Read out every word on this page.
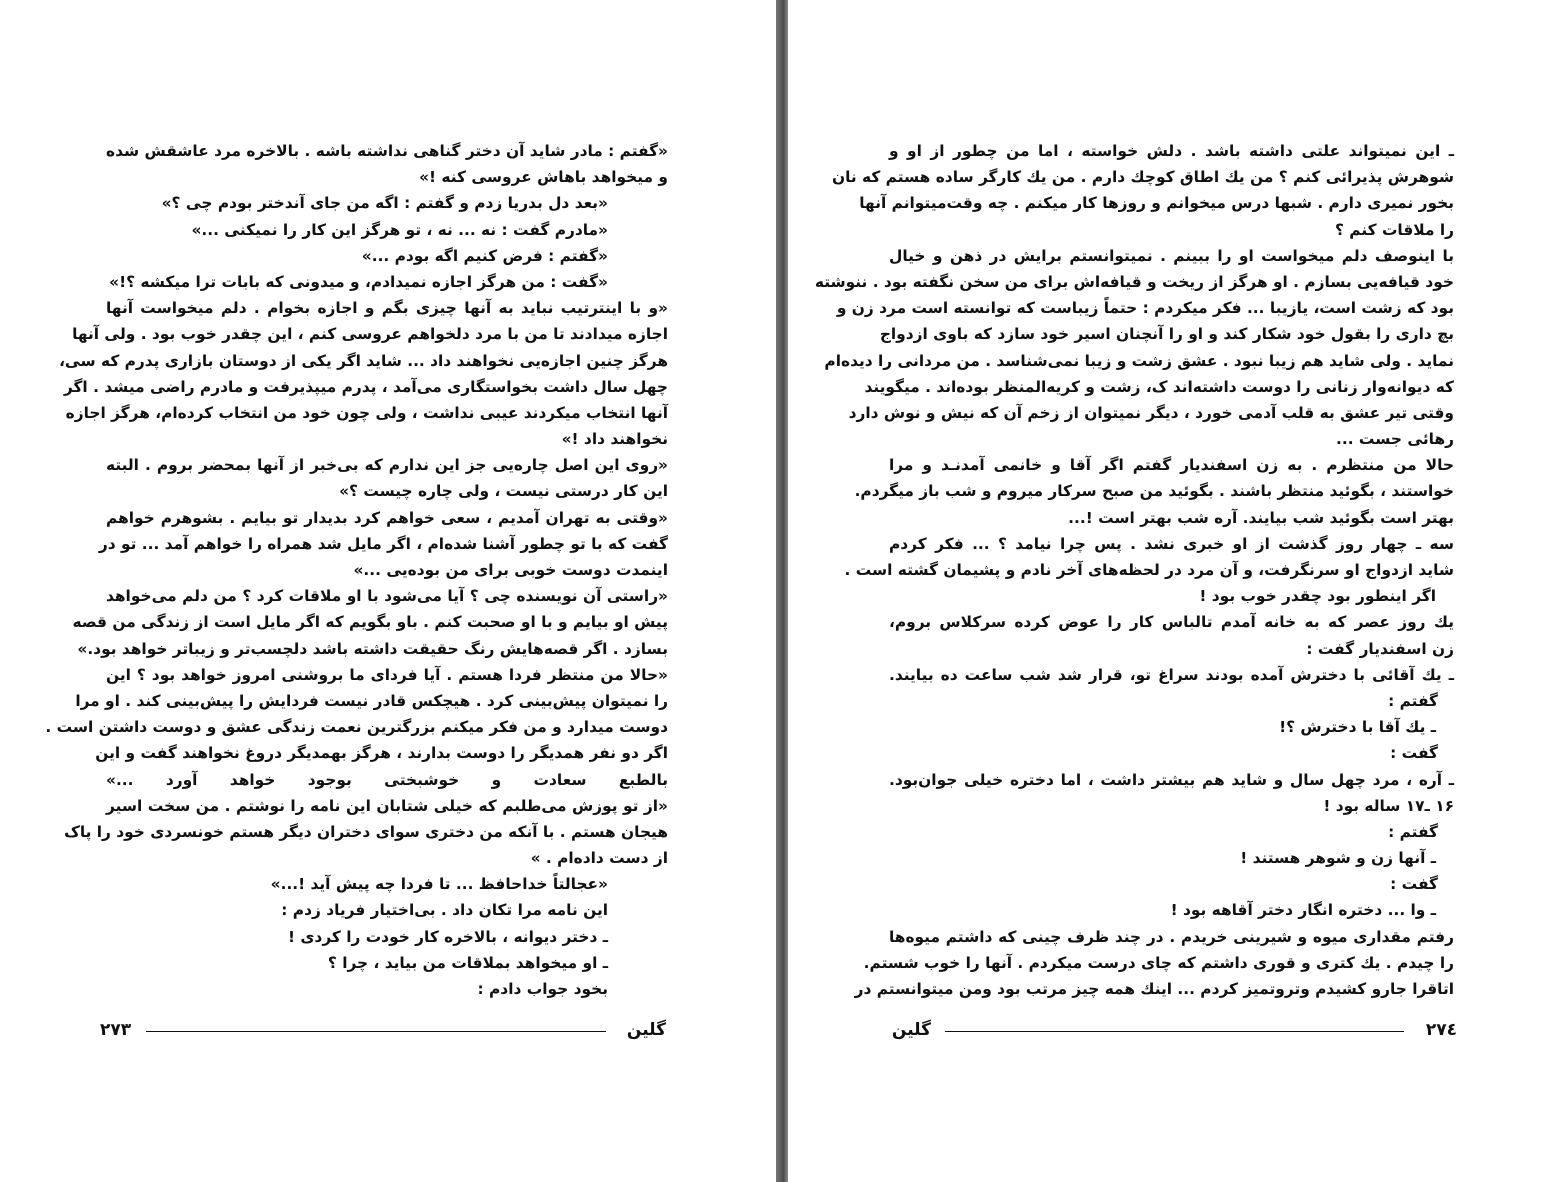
«گفتم : مادر شاید آن دختر گناهی نداشته باشه . بالاخره مرد عاشقش شده
و میخواهد باهاش عروسی کنه !»
«بعد دل بدریا زدم و گفتم : اگه من جای آندختر بودم چی ؟»
«مادرم گفت : نه ... نه ، تو هرگز این کار را نمیکنی ...»
«گفتم : فرض کنیم اگه بودم ...»
«گفت : من هرگز اجازه نمیدادم، و میدونی که بابات ترا میکشه ؟!»
«و با اینترتیب نباید به آنها چیزی بگم و اجازه بخوام . دلم میخواست آنها
اجازه میدادند تا من با مرد دلخواهم عروسی کنم ، این چقدر خوب بود . ولی آنها
هرگز چنین اجازه‌یی نخواهند داد ... شاید اگر یکی از دوستان بازاری پدرم که سی،
چهل سال داشت بخواستگاری می‌آمد ، پدرم میپذیرفت و مادرم راضی میشد . اگر
آنها انتخاب میکردند عیبی نداشت ، ولی چون خود من انتخاب کرده‌ام، هرگز اجازه
نخواهند داد !»
«روی این اصل چاره‌یی جز این ندارم که بی‌خبر از آنها بمحضر بروم . البته
این کار درستی نیست ، ولی چاره چیست ؟»
«وقتی به تهران آمدیم ، سعی خواهم کرد بدیدار تو بیایم . بشوهرم خواهم
گفت که با تو چطور آشنا شده‌ام ، اگر مایل شد همراه را خواهم آمد ... تو در
اینمدت دوست خوبی برای من بوده‌یی ...»
«راستی آن نویسنده چی ؟ آیا می‌شود با او ملاقات کرد ؟ من دلم می‌خواهد
پیش او بیایم و با او صحبت کنم . باو بگویم که اگر مایل است از زندگی من قصه
بسازد . اگر قصه‌هایش رنگ حقیقت داشته باشد دلچسب‌تر و زیباتر خواهد بود.»
«حالا من منتظر فردا هستم . آیا فردای ما بروشنی امروز خواهد بود ؟ این
را نمیتوان پیش‌بینی کرد . هیچکس قادر نیست فردایش را پیش‌بینی کند . او مرا
دوست میدارد و من فکر میکنم بزرگترین نعمت زندگی عشق و دوست داشتن است .
اگر دو نفر همدیگر را دوست بدارند ، هرگز بهمدیگر دروغ نخواهند گفت و این
بالطبع سعادت و خوشبختی بوجود خواهد آورد ...»
«از تو پوزش می‌طلبم که خیلی شتابان این نامه را نوشتم . من سخت اسیر
هیجان هستم . با آنکه من دختری سوای دختران دیگر هستم خونسردی خود را پاک
از دست داده‌ام . »
«عجالتاً خداحافظ ... تا فردا چه پیش آید !...»
این نامه مرا تکان داد . بی‌اختیار فریاد زدم :
ـ دختر دیوانه ، بالاخره کار خودت را کردی !
ـ او میخواهد بملاقات من بیاید ، چرا ؟
بخود جواب دادم :
گلین
۲۷۳
ـ این نمیتواند علتی داشته باشد . دلش خواسته ، اما من چطور از او و
شوهرش پذیرائی کنم ؟ من یك اطاق کوچك دارم . من یك کارگر ساده هستم که نان
بخور نمیری دارم . شبها درس میخوانم و روزها کار میکنم . چه وقت‌میتوانم آنها
را ملاقات کنم ؟
با اینوصف دلم میخواست او را ببینم . نمیتوانستم برایش در ذهن و خیال
خود قیافه‌یی بسازم . او هرگز از ریخت و قیافه‌اش برای من سخن نگفته بود . ننوشته
بود که زشت است، یازیبا ... فکر میکردم : حتماً زیباست که توانسته است مرد زن و
بچ داری را بقول خود شکار کند و او را آنچنان اسیر خود سازد که باوی ازدواج
نماید . ولی شاید هم زیبا نبود . عشق زشت و زیبا نمی‌شناسد . من مردانی را دیده‌ام
که دیوانه‌وار زنانی را دوست داشته‌اند ک، زشت و کریه‌المنظر بوده‌اند . میگویند
وقتی تیر عشق به قلب آدمی خورد ، دیگر نمیتوان از زخم آن که نیش و نوش دارد
رهائی جست ...
حالا من منتظرم . به زن اسفندیار گفتم اگر آقا و خانمی آمدنـد و مرا
خواستند ، بگوئید منتظر باشند . بگوئید من صبح سرکار میروم و شب باز میگردم.
بهتر است بگوئید شب بیایند. آره شب بهتر است !...
سه ـ چهار روز گذشت از او خبری نشد . پس چرا نیامد ؟ ... فکر کردم
شاید ازدواج او سرنگرفت، و آن مرد در لحظه‌های آخر نادم و پشیمان گشته است .
اگر اینطور بود چقدر خوب بود !
یك روز عصر که به خانه آمدم تالباس کار را عوض کرده سرکلاس بروم،
زن اسفندیار گفت :
ـ یك آقائی با دخترش آمده بودند سراغ تو، قرار شد شب ساعت ده بیایند.
گفتم :
ـ یك آقا با دخترش ؟!
گفت :
ـ آره ، مرد چهل سال و شاید هم بیشتر داشت ، اما دختره خیلی جوان‌بود.
۱۶ ـ۱۷ ساله بود !
گفتم :
ـ آنها زن و شوهر هستند !
گفت :
ـ وا ... دختره انگار دختر آقاهه بود !
رفتم مقداری میوه و شیرینی خریدم . در چند ظرف چینی که داشتم میوه‌ها
را چیدم . یك کتری و قوری داشتم که چای درست میکردم . آنها را خوب شستم.
اتاقرا جارو کشیدم وتروتمیز کردم ... اینك همه چیز مرتب بود ومن میتوانستم در
گلین	۲۷٤
